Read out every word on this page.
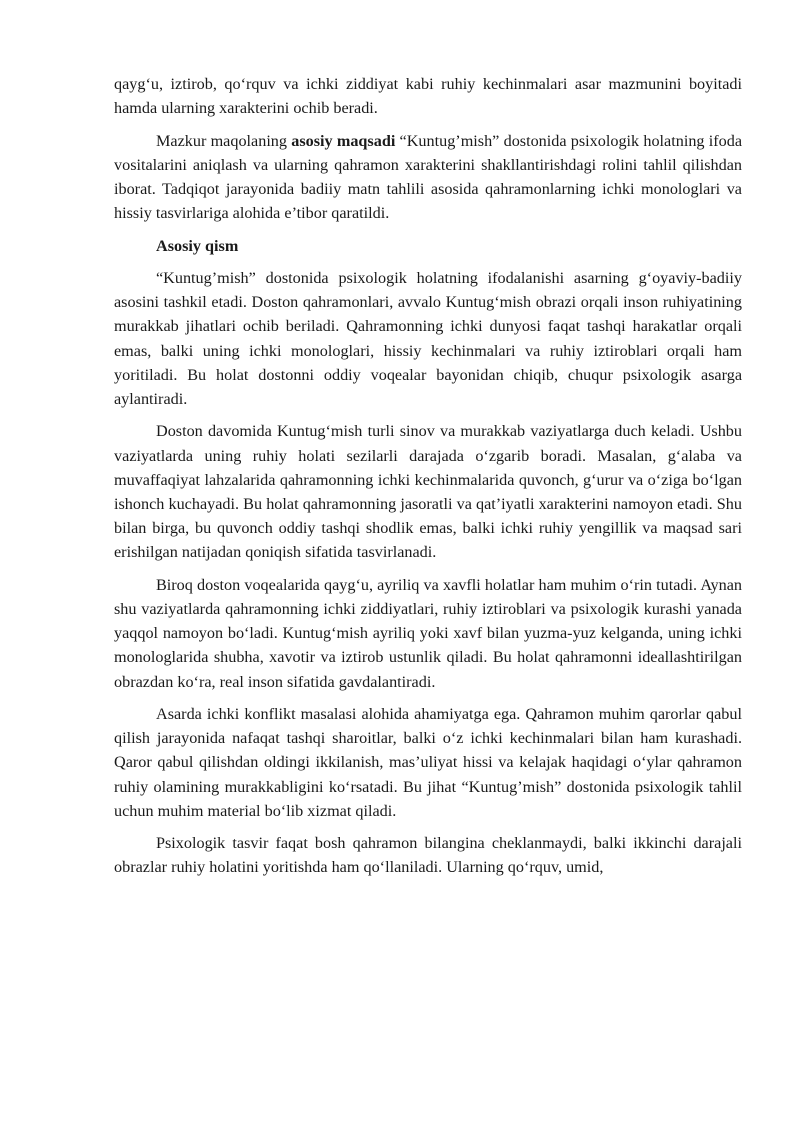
qayg‘u, iztirob, qo‘rquv va ichki ziddiyat kabi ruhiy kechinmalari asar mazmunini boyitadi hamda ularning xarakterini ochib beradi.

Mazkur maqolaning asosiy maqsadi “Kuntug’mish” dostonida psixologik holatning ifoda vositalarini aniqlash va ularning qahramon xarakterini shakllantirishdagi rolini tahlil qilishdan iborat. Tadqiqot jarayonida badiiy matn tahlili asosida qahramonlarning ichki monologlari va hissiy tasvirlariga alohida e’tibor qaratildi.

Asosiy qism

“Kuntug’mish” dostonida psixologik holatning ifodalanishi asarning g‘oyaviy-badiiy asosini tashkil etadi. Doston qahramonlari, avvalo Kuntug‘mish obrazi orqali inson ruhiyatining murakkab jihatlari ochib beriladi. Qahramonning ichki dunyosi faqat tashqi harakatlar orqali emas, balki uning ichki monologlari, hissiy kechinmalari va ruhiy iztiroblari orqali ham yoritiladi. Bu holat dostonni oddiy voqealar bayonidan chiqib, chuqur psixologik asarga aylantiradi.

Doston davomida Kuntug‘mish turli sinov va murakkab vaziyatlarga duch keladi. Ushbu vaziyatlarda uning ruhiy holati sezilarli darajada o‘zgarib boradi. Masalan, g‘alaba va muvaffaqiyat lahzalarida qahramonning ichki kechinmalarida quvonch, g‘urur va o‘ziga bo‘lgan ishonch kuchayadi. Bu holat qahramonning jasoratli va qat’iyatli xarakterini namoyon etadi. Shu bilan birga, bu quvonch oddiy tashqi shodlik emas, balki ichki ruhiy yengillik va maqsad sari erishilgan natijadan qoniqish sifatida tasvirlanadi.

Biroq doston voqealarida qayg‘u, ayriliq va xavfli holatlar ham muhim o‘rin tutadi. Aynan shu vaziyatlarda qahramonning ichki ziddiyatlari, ruhiy iztiroblari va psixologik kurashi yanada yaqqol namoyon bo‘ladi. Kuntug‘mish ayriliq yoki xavf bilan yuzma-yuz kelganda, uning ichki monologlarida shubha, xavotir va iztirob ustunlik qiladi. Bu holat qahramonni ideallashtirilgan obrazdan ko‘ra, real inson sifatida gavdalantiradi.

Asarda ichki konflikt masalasi alohida ahamiyatga ega. Qahramon muhim qarorlar qabul qilish jarayonida nafaqat tashqi sharoitlar, balki o‘z ichki kechinmalari bilan ham kurashadi. Qaror qabul qilishdan oldingi ikkilanish, mas’uliyat hissi va kelajak haqidagi o‘ylar qahramon ruhiy olamining murakkabligini ko‘rsatadi. Bu jihat “Kuntug’mish” dostonida psixologik tahlil uchun muhim material bo‘lib xizmat qiladi.

Psixologik tasvir faqat bosh qahramon bilangina cheklanmaydi, balki ikkinchi darajali obrazlar ruhiy holatini yoritishda ham qo‘llaniladi. Ularning qo‘rquv, umid,
